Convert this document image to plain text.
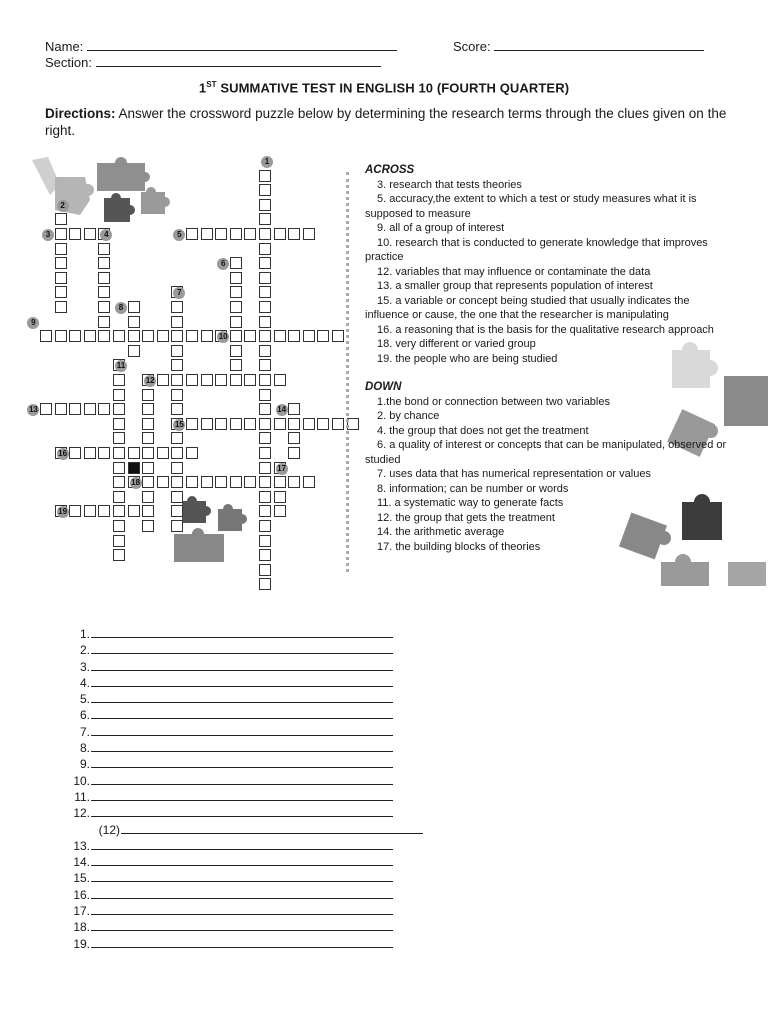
Name:	Score:
Section:
1ST SUMMATIVE TEST IN ENGLISH 10 (FOURTH QUARTER)
Directions: Answer the crossword puzzle below by determining the research terms through the clues given on the right.
1
2
3	4	5
6
7
8
9
10
11
12
13	14
15
16
17
18
19
ACROSS
3. research that tests theories
5. accuracy,the extent to which a test or study measures what it is supposed to measure
9. all of a group of interest
10. research that is conducted to generate knowledge that improves practice
12. variables that may influence or contaminate the data
13. a smaller group that represents population of interest
15. a variable or concept being studied that usually indicates the influence or cause, the one that the researcher is manipulating
16. a reasoning that is the basis for the qualitative research approach
18. very different or varied group
19. the people who are being studied
DOWN
1.the bond or connection between two variables
2. by chance
4. the group that does not get the treatment
6. a quality of interest or concepts that can be manipulated, observed or studied
7. uses data that has numerical representation or values
8. information; can be number or words
11. a systematic way to generate facts
12. the group that gets the treatment
14. the arithmetic average
17. the building blocks of theories
1.
2.
3.
4.
5.
6.
7.
8.
9.
10.
11.
12.
(12)
13.
14.
15.
16.
17.
18.
19.
